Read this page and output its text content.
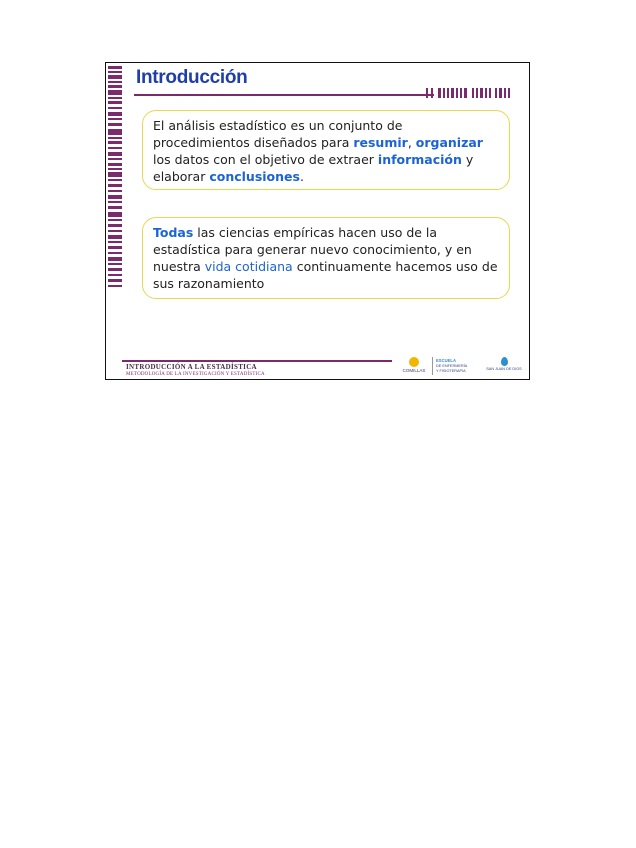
Introducción
El análisis estadístico es un conjunto de procedimientos diseñados para resumir, organizar los datos con el objetivo de extraer información y elaborar conclusiones.
Todas las ciencias empíricas hacen uso de la estadística para generar nuevo conocimiento, y en nuestra vida cotidiana continuamente hacemos uso de sus razonamiento
INTRODUCCIÓN A LA ESTADÍSTICA
METODOLOGÍA DE LA INVESTIGACIÓN Y ESTADÍSTICA
COMILLAS
ESCUELA
DE ENFERMERÍA
Y FISIOTERAPIA	SAN JUAN DE DIOS
